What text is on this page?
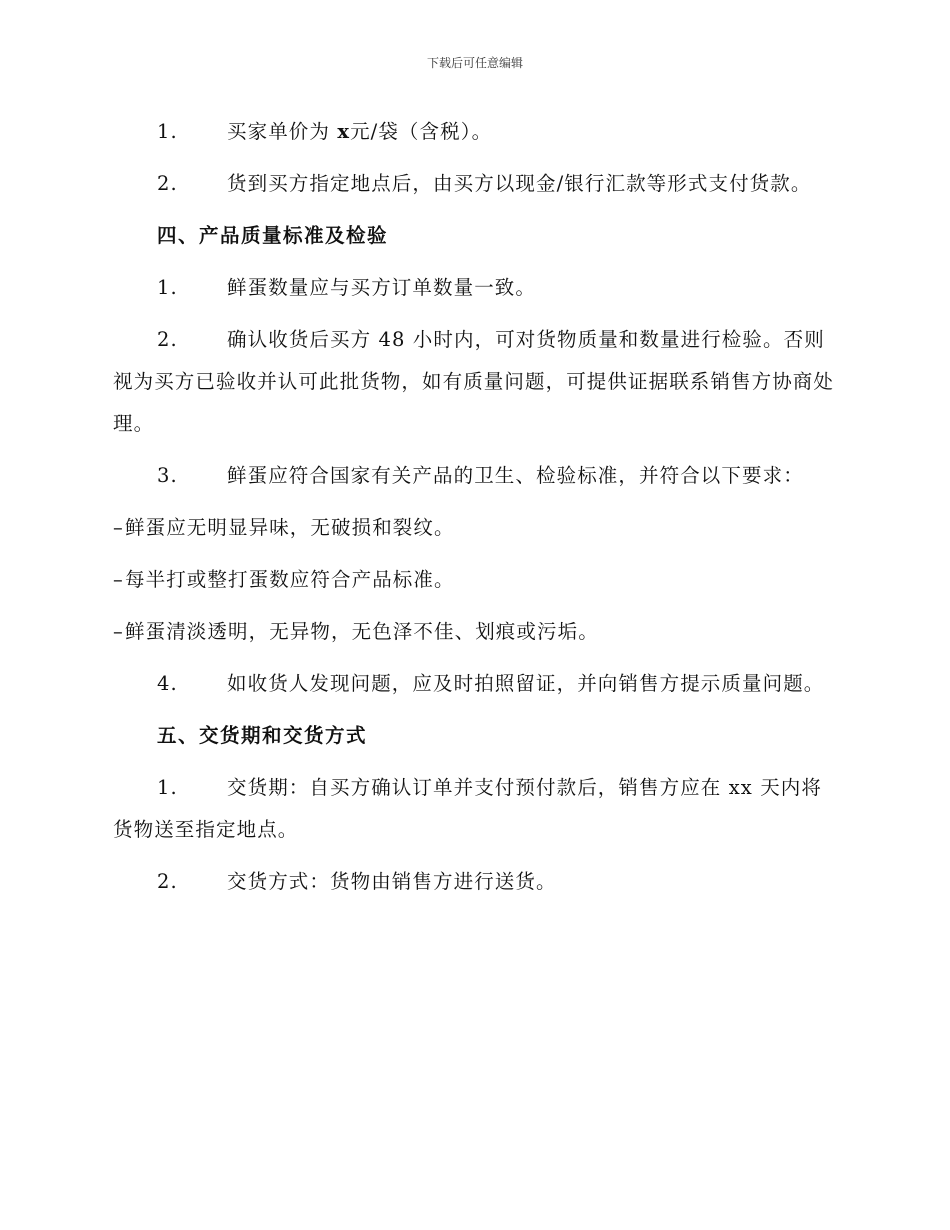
下载后可任意编辑
1.	买家单价为 x元/袋（含税）。
2.	货到买方指定地点后，由买方以现金/银行汇款等形式支付货款。
四、产品质量标准及检验
1.	鲜蛋数量应与买方订单数量一致。
2.	确认收货后买方 48 小时内，可对货物质量和数量进行检验。否则视为买方已验收并认可此批货物，如有质量问题，可提供证据联系销售方协商处理。
3.	鲜蛋应符合国家有关产品的卫生、检验标准，并符合以下要求：
–鲜蛋应无明显异味，无破损和裂纹。
–每半打或整打蛋数应符合产品标准。
–鲜蛋清淡透明，无异物，无色泽不佳、划痕或污垢。
4.	如收货人发现问题，应及时拍照留证，并向销售方提示质量问题。
五、交货期和交货方式
1.	交货期：自买方确认订单并支付预付款后，销售方应在 xx 天内将货物送至指定地点。
2.	交货方式：货物由销售方进行送货。
